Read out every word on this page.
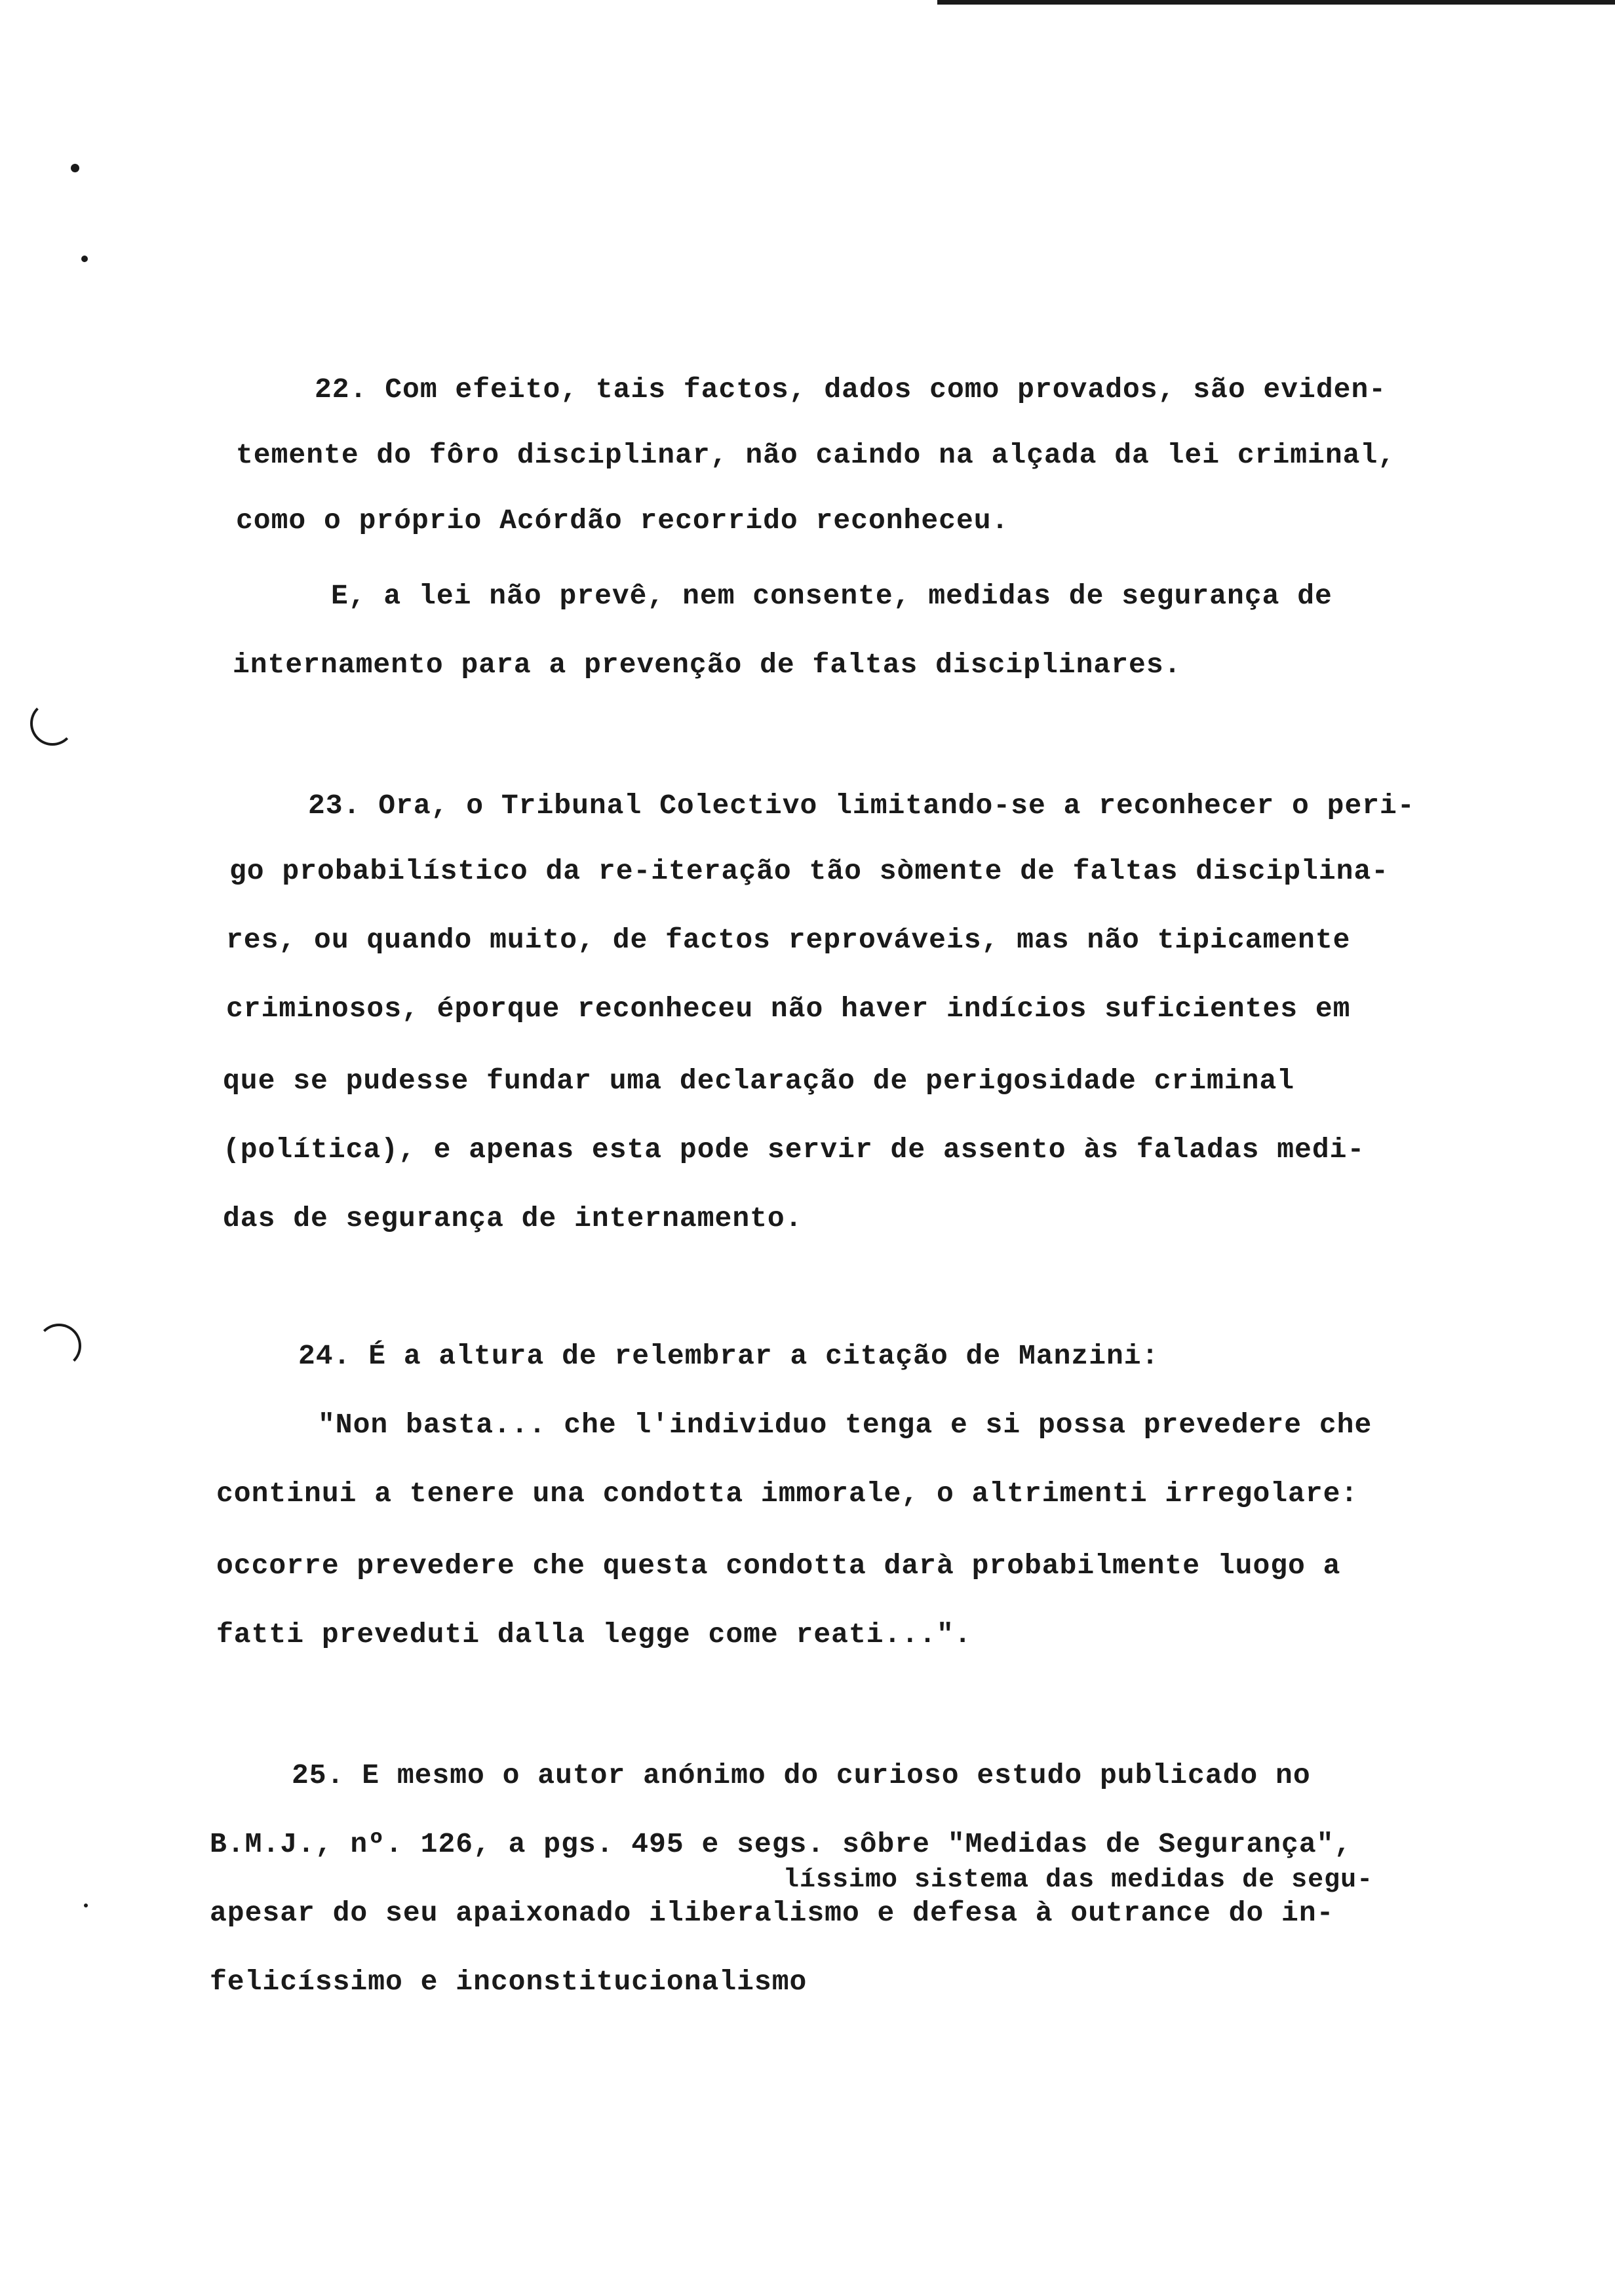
22. Com efeito, tais factos, dados como provados, são eviden-
temente do fôro disciplinar, não caindo na alçada da lei criminal,
como o próprio Acórdão recorrido reconheceu.
E, a lei não prevê, nem consente, medidas de segurança de
internamento para a prevenção de faltas disciplinares.
23. Ora, o Tribunal Colectivo limitando-se a reconhecer o peri-
go probabilístico da re-iteração tão sòmente de faltas disciplina-
res, ou quando muito, de factos reprováveis, mas não tipicamente
criminosos, éporque reconheceu não haver indícios suficientes em
que se pudesse fundar uma declaração de perigosidade criminal
(política), e apenas esta pode servir de assento às faladas medi-
das de segurança de internamento.
24. É a altura de relembrar a citação de Manzini:
"Non basta... che l'individuo tenga e si possa prevedere che
continui a tenere una condotta immorale, o altrimenti irregolare:
occorre prevedere che questa condotta darà probabilmente luogo a
fatti preveduti dalla legge come reati...".
25. E mesmo o autor anónimo do curioso estudo publicado no
B.M.J., nº. 126, a pgs. 495 e segs. sôbre "Medidas de Segurança",
líssimo sistema das medidas de segu-
apesar do seu apaixonado iliberalismo e defesa à outrance do in-
felicíssimo e inconstitucionalismo
